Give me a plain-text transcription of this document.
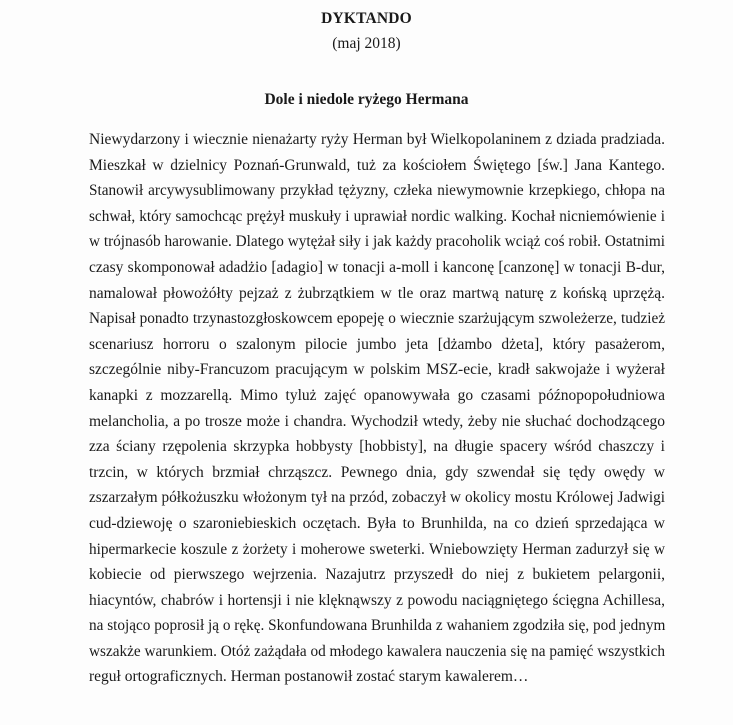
DYKTANDO
(maj 2018)
Dole i niedole ryżego Hermana
Niewydarzony i wiecznie nienażarty ryży Herman był Wielkopolaninem z dziada pradziada.
Mieszkał w dzielnicy Poznań-Grunwald, tuż za kościołem Świętego [św.] Jana Kantego.
Stanowił arcywysublimowany przykład tężyzny, człeka niewymownie krzepkiego, chłopa na
schwał, który samochcąc prężył muskuły i uprawiał nordic walking. Kochał nicniemówienie i
w trójnasób harowanie. Dlatego wytężał siły i jak każdy pracoholik wciąż coś robił. Ostatnimi
czasy skomponował adadżio [adagio] w tonacji a-moll i kanconę [canzonę] w tonacji B-dur,
namalował płowożółty pejzaż z żubrzątkiem w tle oraz martwą naturę z końską uprzężą.
Napisał ponadto trzynastozgłoskowcem epopeję o wiecznie szarżującym szwoleżerze, tudzież
scenariusz horroru o szalonym pilocie jumbo jeta [dżambo dżeta], który pasażerom,
szczególnie niby-Francuzom pracującym w polskim MSZ-ecie, kradł sakwojaże i wyżerał
kanapki z mozzarellą. Mimo tyluż zajęć opanowywała go czasami późnopopołudniowa
melancholia, a po trosze może i chandra. Wychodził wtedy, żeby nie słuchać dochodzącego
zza ściany rzępolenia skrzypka hobbysty [hobbisty], na długie spacery wśród chaszczy i
trzcin, w których brzmiał chrząszcz. Pewnego dnia, gdy szwendał się tędy owędy w
zszarzałym półkożuszku włożonym tył na przód, zobaczył w okolicy mostu Królowej Jadwigi
cud-dziewoję o szaroniebieskich oczętach. Była to Brunhilda, na co dzień sprzedająca w
hipermarkecie koszule z żorżety i moherowe sweterki. Wniebowzięty Herman zadurzył się w
kobiecie od pierwszego wejrzenia. Nazajutrz przyszedł do niej z bukietem pelargonii,
hiacyntów, chabrów i hortensji i nie klęknąwszy z powodu naciągniętego ścięgna Achillesa,
na stojąco poprosił ją o rękę. Skonfundowana Brunhilda z wahaniem zgodziła się, pod jednym
wszakże warunkiem. Otóż zażądała od młodego kawalera nauczenia się na pamięć wszystkich
reguł ortograficznych. Herman postanowił zostać starym kawalerem…
